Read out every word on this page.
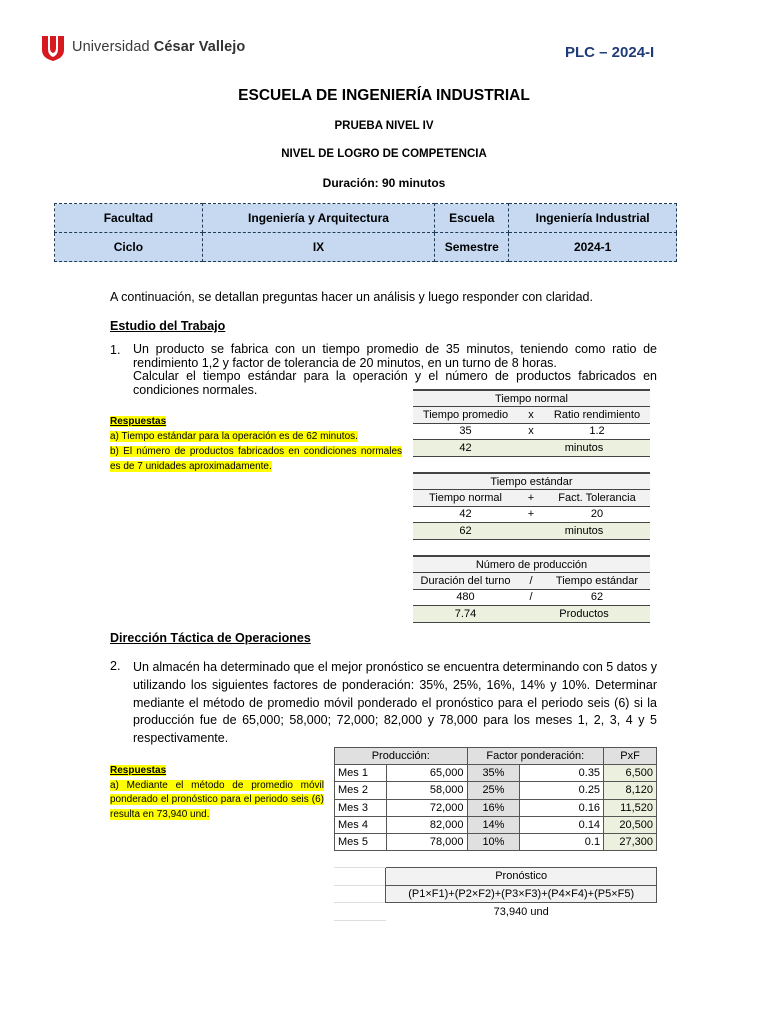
Universidad César Vallejo	PLC – 2024-I
ESCUELA DE INGENIERÍA INDUSTRIAL
PRUEBA NIVEL IV
NIVEL DE LOGRO DE COMPETENCIA
Duración: 90 minutos
Facultad	Ingeniería y Arquitectura	Escuela	Ingeniería Industrial
Ciclo	IX	Semestre	2024-1
A continuación, se detallan preguntas hacer un análisis y luego responder con claridad.
Estudio del Trabajo
1. Un producto se fabrica con un tiempo promedio de 35 minutos, teniendo como ratio de rendimiento 1,2 y factor de tolerancia de 20 minutos, en un turno de 8 horas.
Calcular el tiempo estándar para la operación y el número de productos fabricados en condiciones normales.
Respuestas
a) Tiempo estándar para la operación es de 62 minutos.
b) El número de productos fabricados en condiciones normales es de 7 unidades aproximadamente.
Tiempo normal		
Tiempo promedio	x	Ratio rendimiento
35	x	1.2
42	minutos	
Tiempo estándar		
Tiempo normal	+	Fact. Tolerancia
42	+	20
62	minutos	
Número de producción		
Duración del turno	/	Tiempo estándar
480	/	62
7.74	Productos	
Dirección Táctica de Operaciones
2. Un almacén ha determinado que el mejor pronóstico se encuentra determinando con 5 datos y utilizando los siguientes factores de ponderación: 35%, 25%, 16%, 14% y 10%. Determinar mediante el método de promedio móvil ponderado el pronóstico para el periodo seis (6) si la producción fue de 65,000; 58,000; 72,000; 82,000 y 78,000 para los meses 1, 2, 3, 4 y 5 respectivamente.
Respuestas
a) Mediante el método de promedio móvil ponderado el pronóstico para el periodo seis (6) resulta en 73,940 und.
Producción:		Factor ponderación:		PxF
Mes 1	65,000	35%	0.35	6,500
Mes 2	58,000	25%	0.25	8,120
Mes 3	72,000	16%	0.16	11,520
Mes 4	82,000	14%	0.14	20,500
Mes 5	78,000	10%	0.1	27,300
	Pronóstico
	(P1×F1)+(P2×F2)+(P3×F3)+(P4×F4)+(P5×F5)
	73,940 und
